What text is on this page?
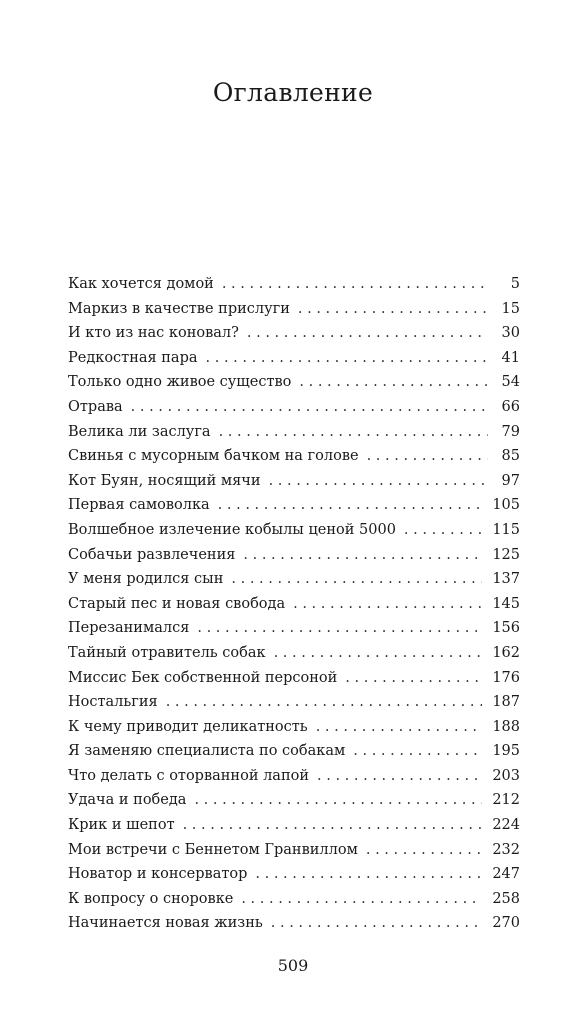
Оглавление
Как хочется домой . . .	5
Маркиз в качестве прислуги . . .	15
И кто из нас коновал? . . .	30
Редкостная пара . . .	41
Только одно живое существо . . .	54
Отрава . . .	66
Велика ли заслуга . . .	79
Свинья с мусорным бачком на голове . . .	85
Кот Буян, носящий мячи . . .	97
Первая самоволка . . .	105
Волшебное излечение кобылы ценой 5000 . . .	115
Собачьи развлечения . . .	125
У меня родился сын . . .	137
Старый пес и новая свобода . . .	145
Перезанимался . . .	156
Тайный отравитель собак . . .	162
Миссис Бек собственной персоной . . .	176
Ностальгия . . .	187
К чему приводит деликатность . . .	188
Я заменяю специалиста по собакам . . .	195
Что делать с оторванной лапой . . .	203
Удача и победа . . .	212
Крик и шепот . . .	224
Мои встречи с Беннетом Гранвиллом . . .	232
Новатор и консерватор . . .	247
К вопросу о сноровке . . .	258
Начинается новая жизнь . . .	270
509
